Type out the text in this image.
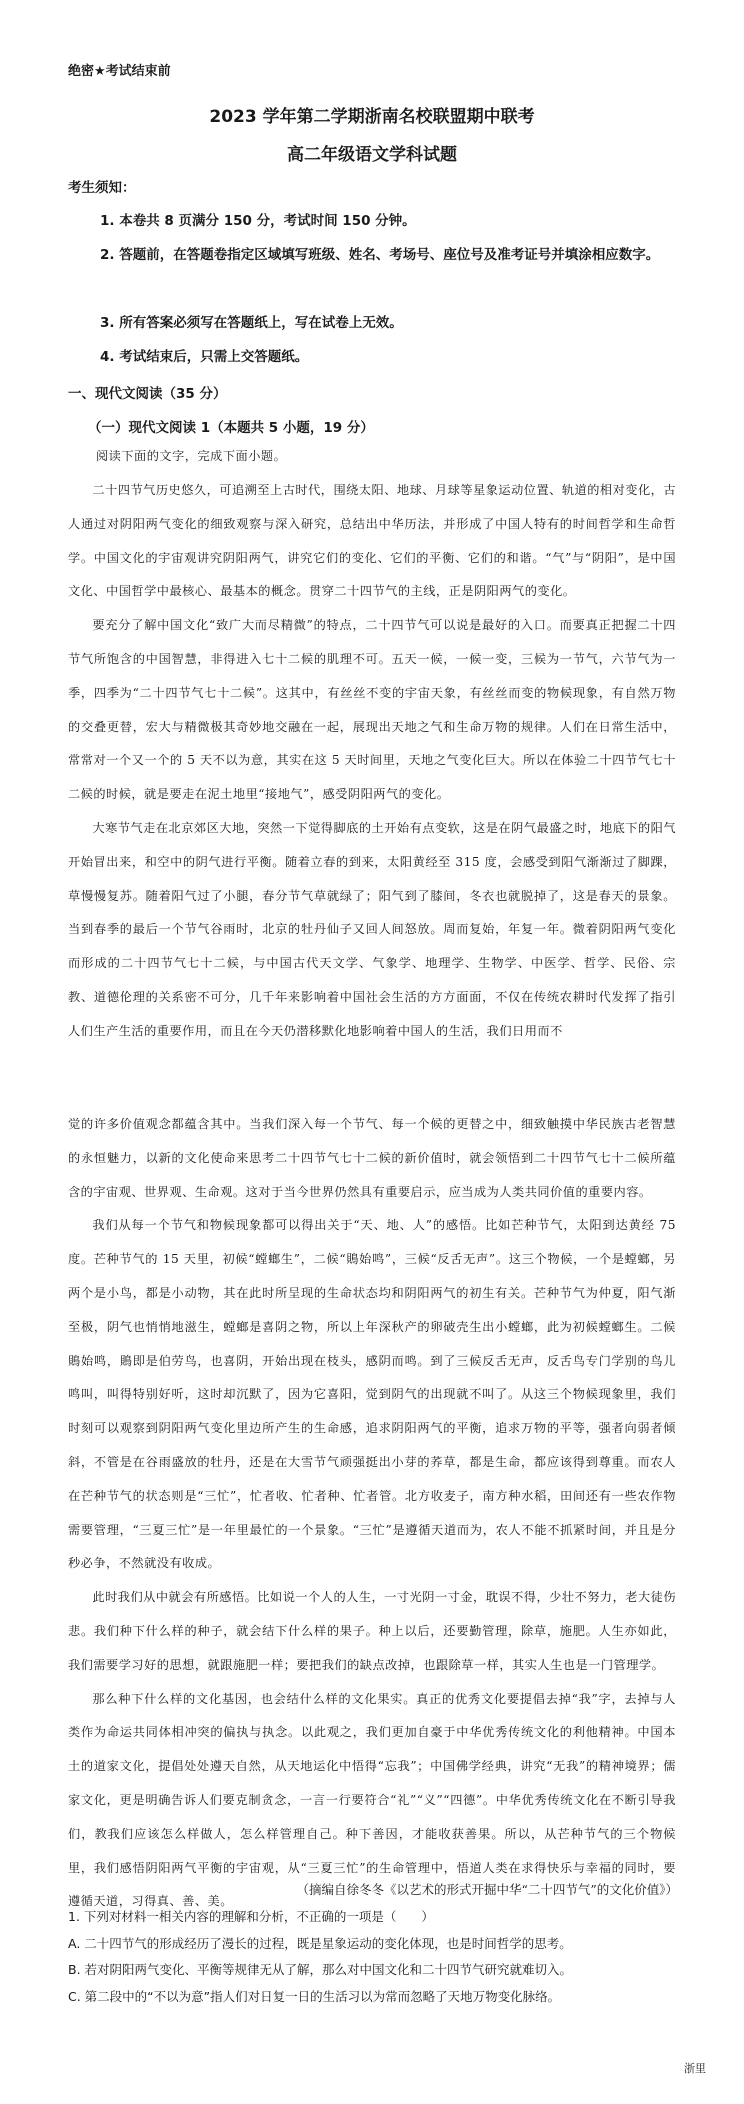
绝密★考试结束前
2023 学年第二学期浙南名校联盟期中联考
高二年级语文学科试题
考生须知：
1. 本卷共 8 页满分 150 分，考试时间 150 分钟。
2. 答题前，在答题卷指定区域填写班级、姓名、考场号、座位号及准考证号并填涂相应数字。
3. 所有答案必须写在答题纸上，写在试卷上无效。
4. 考试结束后，只需上交答题纸。
一、现代文阅读（35 分）
（一）现代文阅读 1（本题共 5 小题，19 分）
阅读下面的文字，完成下面小题。

二十四节气历史悠久，可追溯至上古时代，围绕太阳、地球、月球等星象运动位置、轨道的相对变化，古人通过对阴阳两气变化的细致观察与深入研究，总结出中华历法，并形成了中国人特有的时间哲学和生命哲学。中国文化的宇宙观讲究阴阳两气，讲究它们的变化、它们的平衡、它们的和谐。“气”与“阴阳”，是中国文化、中国哲学中最核心、最基本的概念。贯穿二十四节气的主线，正是阴阳两气的变化。

要充分了解中国文化“致广大而尽精微”的特点，二十四节气可以说是最好的入口。而要真正把握二十四节气所饱含的中国智慧，非得进入七十二候的肌理不可。五天一候，一候一变，三候为一节气，六节气为一季，四季为“二十四节气七十二候”。这其中，有丝丝不变的宇宙天象，有丝丝而变的物候现象，有自然万物的交叠更替，宏大与精微极其奇妙地交融在一起，展现出天地之气和生命万物的规律。人们在日常生活中，常常对一个又一个的 5 天不以为意，其实在这 5 天时间里，天地之气变化巨大。所以在体验二十四节气七十二候的时候，就是要走在泥土地里“接地气”，感受阴阳两气的变化。

大寒节气走在北京郊区大地，突然一下觉得脚底的土开始有点变软，这是在阴气最盛之时，地底下的阳气开始冒出来，和空中的阴气进行平衡。随着立春的到来，太阳黄经至 315 度，会感受到阳气渐渐过了脚踝，草慢慢复苏。随着阳气过了小腿，春分节气草就绿了；阳气到了膝间，冬衣也就脱掉了，这是春天的景象。当到春季的最后一个节气谷雨时，北京的牡丹仙子又回人间怒放。周而复始，年复一年。微着阴阳两气变化而形成的二十四节气七十二候，与中国古代天文学、气象学、地理学、生物学、中医学、哲学、民俗、宗教、道德伦理的关系密不可分，几千年来影响着中国社会生活的方方面面，不仅在传统农耕时代发挥了指引人们生产生活的重要作用，而且在今天仍潜移默化地影响着中国人的生活，我们日用而不

觉的许多价值观念都蕴含其中。当我们深入每一个节气、每一个候的更替之中，细致触摸中华民族古老智慧的永恒魅力，以新的文化使命来思考二十四节气七十二候的新价值时，就会领悟到二十四节气七十二候所蕴含的宇宙观、世界观、生命观。这对于当今世界仍然具有重要启示，应当成为人类共同价值的重要内容。

我们从每一个节气和物候现象都可以得出关于“天、地、人”的感悟。比如芒种节气，太阳到达黄经 75 度。芒种节气的 15 天里，初候“螳螂生”，二候“鵙始鸣”，三候“反舌无声”。这三个物候，一个是螳螂，另两个是小鸟，都是小动物，其在此时所呈现的生命状态均和阴阳两气的初生有关。芒种节气为仲夏，阳气渐至极，阴气也悄悄地滋生，螳螂是喜阴之物，所以上年深秋产的卵破壳生出小螳螂，此为初候螳螂生。二候鵙始鸣，鵙即是伯劳鸟，也喜阴，开始出现在枝头，感阴而鸣。到了三候反舌无声，反舌鸟专门学别的鸟儿鸣叫，叫得特别好听，这时却沉默了，因为它喜阳，觉到阴气的出现就不叫了。从这三个物候现象里，我们时刻可以观察到阴阳两气变化里边所产生的生命感，追求阴阳两气的平衡，追求万物的平等，强者向弱者倾斜，不管是在谷雨盛放的牡丹，还是在大雪节气顽强挺出小芽的荞草，都是生命，都应该得到尊重。而农人在芒种节气的状态则是“三忙”，忙者收、忙者种、忙者管。北方收麦子，南方种水稻，田间还有一些农作物需要管理，“三夏三忙”是一年里最忙的一个景象。“三忙”是遵循天道而为，农人不能不抓紧时间，并且是分秒必争，不然就没有收成。

此时我们从中就会有所感悟。比如说一个人的人生，一寸光阴一寸金，耽误不得，少壮不努力，老大徒伤悲。我们种下什么样的种子，就会结下什么样的果子。种上以后，还要勤管理，除草，施肥。人生亦如此，我们需要学习好的思想，就跟施肥一样；要把我们的缺点改掉，也跟除草一样，其实人生也是一门管理学。

那么种下什么样的文化基因，也会结什么样的文化果实。真正的优秀文化要提倡去掉“我”字，去掉与人类作为命运共同体相冲突的偏执与执念。以此观之，我们更加自豪于中华优秀传统文化的利他精神。中国本土的道家文化，提倡处处遵天自然，从天地运化中悟得“忘我”；中国佛学经典，讲究“无我”的精神境界；儒家文化，更是明确告诉人们要克制贪念，一言一行要符合“礼”“义”“四德”。中华优秀传统文化在不断引导我们，教我们应该怎么样做人，怎么样管理自己。种下善因，才能收获善果。所以，从芒种节气的三个物候里，我们感悟阴阳两气平衡的宇宙观，从“三夏三忙”的生命管理中，悟道人类在求得快乐与幸福的同时，要遵循天道，习得真、善、美。

（摘编自徐冬冬《以艺术的形式开掘中华“二十四节气”的文化价值》）

1. 下列对材料一相关内容的理解和分析，不正确的一项是（　　）

A. 二十四节气的形成经历了漫长的过程，既是星象运动的变化体现，也是时间哲学的思考。

B. 若对阴阳两气变化、平衡等规律无从了解，那么对中国文化和二十四节气研究就难切入。

C. 第二段中的“不以为意”指人们对日复一日的生活习以为常而忽略了天地万物变化脉络。

浙里
